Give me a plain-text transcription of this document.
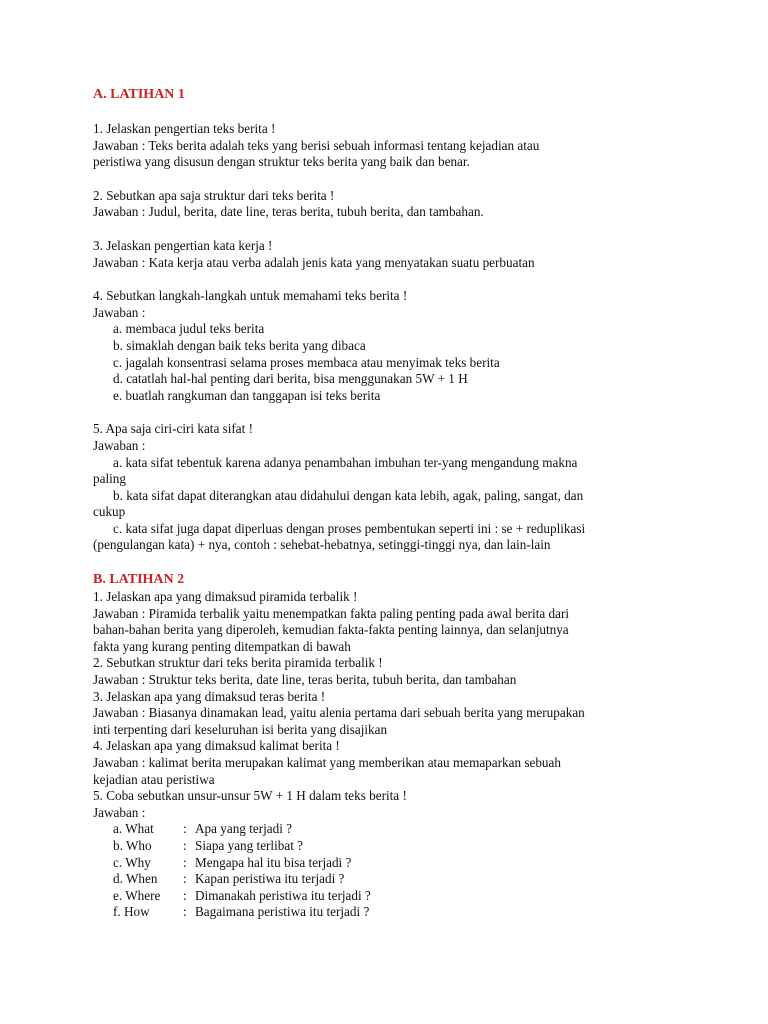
A. LATIHAN 1
1. Jelaskan pengertian teks berita !
Jawaban : Teks berita adalah teks yang berisi sebuah informasi tentang kejadian atau
peristiwa yang disusun dengan struktur teks berita yang baik dan benar.
2. Sebutkan apa saja struktur dari teks berita !
Jawaban : Judul, berita, date line, teras berita, tubuh berita, dan tambahan.
3. Jelaskan pengertian kata kerja !
Jawaban : Kata kerja atau verba adalah jenis kata yang menyatakan suatu perbuatan
4. Sebutkan langkah-langkah untuk memahami teks berita !
Jawaban :
a. membaca judul teks berita
b. simaklah dengan baik teks berita yang dibaca
c. jagalah konsentrasi selama proses membaca atau menyimak teks berita
d. catatlah hal-hal penting dari berita, bisa menggunakan 5W + 1 H
e. buatlah rangkuman dan tanggapan isi teks berita
5. Apa saja ciri-ciri kata sifat !
Jawaban :
a. kata sifat tebentuk karena adanya penambahan imbuhan ter-yang mengandung makna
paling
b. kata sifat dapat diterangkan atau didahului dengan kata lebih, agak, paling, sangat, dan
cukup
c. kata sifat juga dapat diperluas dengan proses pembentukan seperti ini : se + reduplikasi
(pengulangan kata) + nya, contoh : sehebat-hebatnya, setinggi-tinggi nya, dan lain-lain
B. LATIHAN 2
1. Jelaskan apa yang dimaksud piramida terbalik !
Jawaban : Piramida terbalik yaitu menempatkan fakta paling penting pada awal berita dari
bahan-bahan berita yang diperoleh, kemudian fakta-fakta penting lainnya, dan selanjutnya
fakta yang kurang penting ditempatkan di bawah
2. Sebutkan struktur dari teks berita piramida terbalik !
Jawaban : Struktur teks berita, date line, teras berita, tubuh berita, dan tambahan
3. Jelaskan apa yang dimaksud teras berita !
Jawaban : Biasanya dinamakan lead, yaitu alenia pertama dari sebuah berita yang merupakan
inti terpenting dari keseluruhan isi berita yang disajikan
4. Jelaskan apa yang dimaksud kalimat berita !
Jawaban : kalimat berita merupakan kalimat yang memberikan atau memaparkan sebuah
kejadian atau peristiwa
5. Coba sebutkan unsur-unsur 5W + 1 H dalam teks berita !
Jawaban :
a. What	: Apa yang terjadi ?
b. Who	: Siapa yang terlibat ?
c. Why	: Mengapa hal itu bisa terjadi ?
d. When	: Kapan peristiwa itu terjadi ?
e. Where	: Dimanakah peristiwa itu terjadi ?
f. How	: Bagaimana peristiwa itu terjadi ?
